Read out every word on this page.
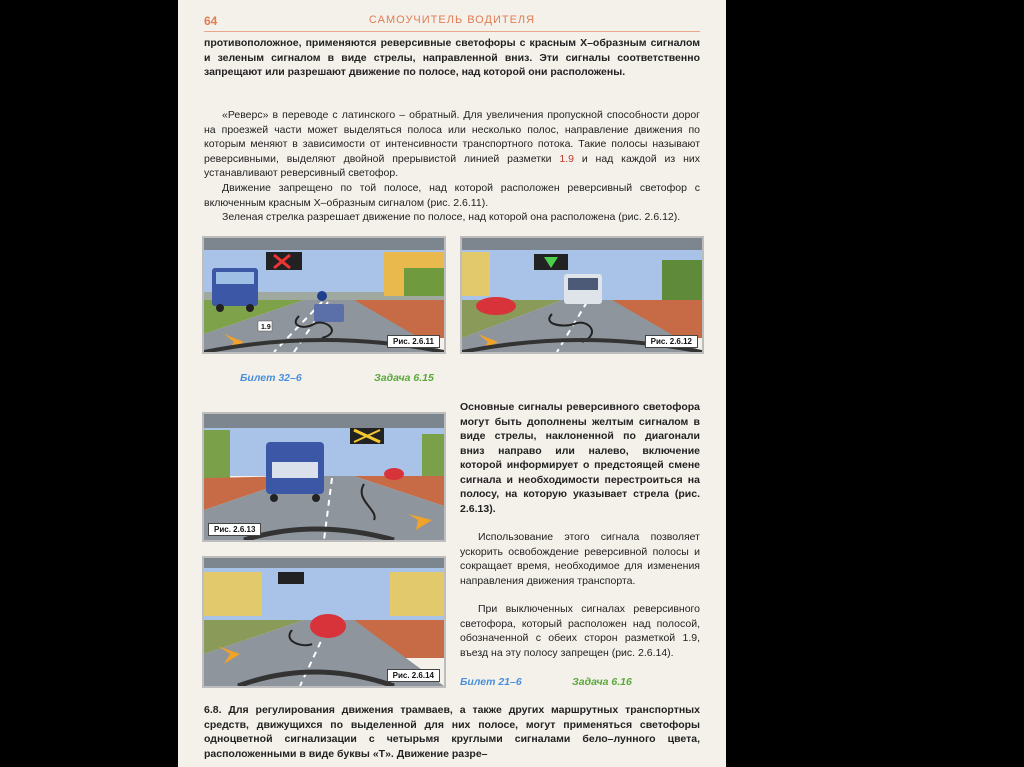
64	САМОУЧИТЕЛЬ ВОДИТЕЛЯ
противоположное, применяются реверсивные светофоры с красным Х–образным сигналом и зеленым сигналом в виде стрелы, направленной вниз. Эти сигналы соответственно запрещают или разрешают движение по полосе, над которой они расположены.
«Реверс» в переводе с латинского – обратный. Для увеличения пропускной способности дорог на проезжей части может выделяться полоса или несколько полос, направление движения по которым меняют в зависимости от интенсивности транспортного потока. Такие полосы называют реверсивными, выделяют двойной прерывистой линией разметки 1.9 и над каждой из них устанавливают реверсивный светофор.
Движение запрещено по той полосе, над которой расположен реверсивный светофор с включенным красным Х–образным сигналом (рис. 2.6.11).
Зеленая стрелка разрешает движение по полосе, над которой она расположена (рис. 2.6.12).
1.9
Рис. 2.6.11	Рис. 2.6.12
Билет 32–6	Задача 6.15
Рис. 2.6.13
Основные сигналы реверсивного светофора могут быть дополнены желтым сигналом в виде стрелы, наклоненной по диагонали вниз направо или налево, включение которой информирует о предстоящей смене сигнала и необходимости перестроиться на полосу, на которую указывает стрела (рис. 2.6.13).
Использование этого сигнала позволяет ускорить освобождение реверсивной полосы и сокращает время, необходимое для изменения направления движения транспорта.
При выключенных сигналах реверсивного светофора, который расположен над полосой, обозначенной с обеих сторон разметкой 1.9, въезд на эту полосу запрещен (рис. 2.6.14).
Рис. 2.6.14
Билет 21–6	Задача 6.16
6.8. Для регулирования движения трамваев, а также других маршрутных транспортных средств, движущихся по выделенной для них полосе, могут применяться светофоры одноцветной сигнализации с четырьмя круглыми сигналами бело–лунного цвета, расположенными в виде буквы «Т». Движение разре–
